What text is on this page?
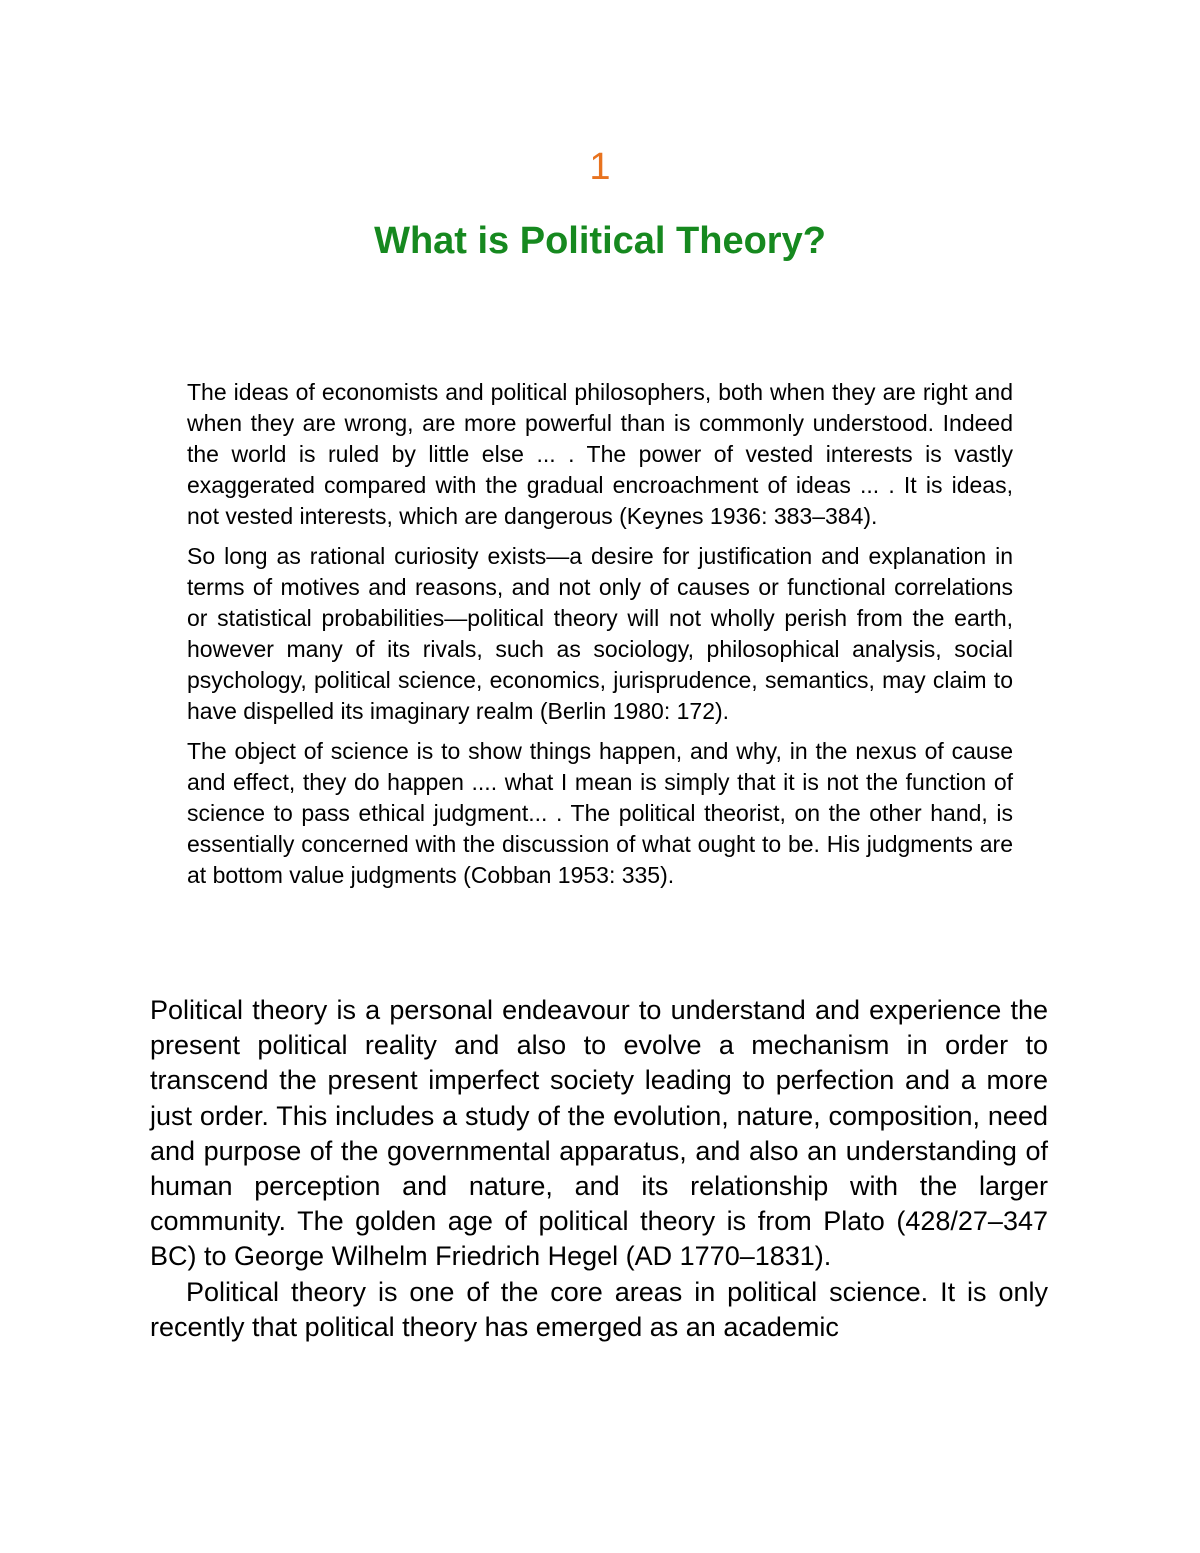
1
What is Political Theory?

The ideas of economists and political philosophers, both when they are right and when they are wrong, are more powerful than is commonly understood. Indeed the world is ruled by little else ... . The power of vested interests is vastly exaggerated compared with the gradual encroachment of ideas ... . It is ideas, not vested interests, which are dangerous (Keynes 1936: 383–384).

So long as rational curiosity exists—a desire for justification and explanation in terms of motives and reasons, and not only of causes or functional correlations or statistical probabilities—political theory will not wholly perish from the earth, however many of its rivals, such as sociology, philosophical analysis, social psychology, political science, economics, jurisprudence, semantics, may claim to have dispelled its imaginary realm (Berlin 1980: 172).

The object of science is to show things happen, and why, in the nexus of cause and effect, they do happen .... what I mean is simply that it is not the function of science to pass ethical judgment... . The political theorist, on the other hand, is essentially concerned with the discussion of what ought to be. His judgments are at bottom value judgments (Cobban 1953: 335).

Political theory is a personal endeavour to understand and experience the present political reality and also to evolve a mechanism in order to transcend the present imperfect society leading to perfection and a more just order. This includes a study of the evolution, nature, composition, need and purpose of the governmental apparatus, and also an understanding of human perception and nature, and its relationship with the larger community. The golden age of political theory is from Plato (428/27–347 BC) to George Wilhelm Friedrich Hegel (AD 1770–1831).

Political theory is one of the core areas in political science. It is only recently that political theory has emerged as an academic
